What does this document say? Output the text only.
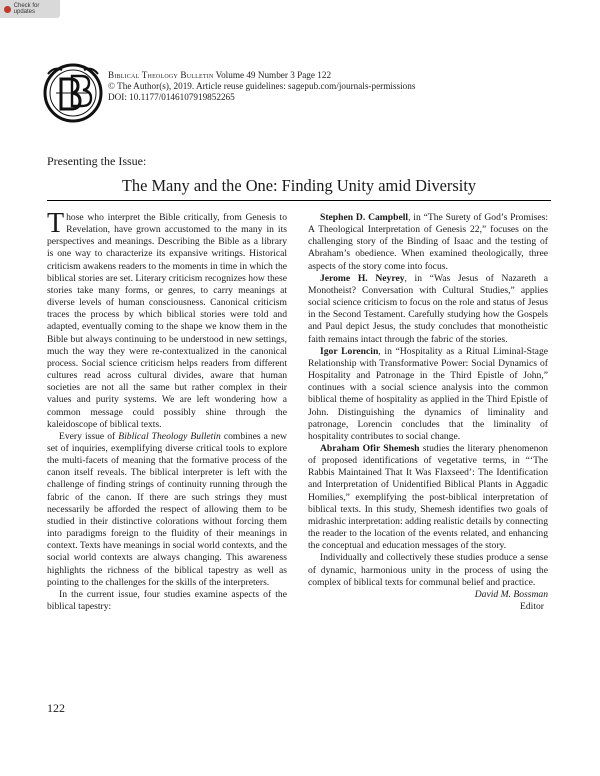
Check for updates
Biblical Theology Bulletin Volume 49 Number 3 Page 122
© The Author(s), 2019. Article reuse guidelines: sagepub.com/journals-permissions
DOI: 10.1177/0146107919852265
Presenting the Issue:
The Many and the One: Finding Unity amid Diversity

Those who interpret the Bible critically, from Genesis to Revelation, have grown accustomed to the many in its perspectives and meanings. Describing the Bible as a library is one way to characterize its expansive writings. Historical criticism awakens readers to the moments in time in which the biblical stories are set. Literary criticism recognizes how these stories take many forms, or genres, to carry meanings at diverse levels of human consciousness. Canonical criticism traces the process by which biblical stories were told and adapted, eventually coming to the shape we know them in the Bible but always continuing to be understood in new settings, much the way they were re-contextualized in the canonical process. Social science criticism helps readers from different cultures read across cultural divides, aware that human societies are not all the same but rather complex in their values and purity systems. We are left wondering how a common message could possibly shine through the kaleidoscope of biblical texts.

Every issue of Biblical Theology Bulletin combines a new set of inquiries, exemplifying diverse critical tools to explore the multi-facets of meaning that the formative process of the canon itself reveals. The biblical interpreter is left with the challenge of finding strings of continuity running through the fabric of the canon. If there are such strings they must necessarily be afforded the respect of allowing them to be studied in their distinctive colorations without forcing them into paradigms foreign to the fluidity of their meanings in context. Texts have meanings in social world contexts, and the social world contexts are always changing. This awareness highlights the richness of the biblical tapestry as well as pointing to the challenges for the skills of the interpreters.

In the current issue, four studies examine aspects of the biblical tapestry:

Stephen D. Campbell, in “The Surety of God’s Promises: A Theological Interpretation of Genesis 22,” focuses on the challenging story of the Binding of Isaac and the testing of Abraham’s obedience. When examined theologically, three aspects of the story come into focus.

Jerome H. Neyrey, in “Was Jesus of Nazareth a Monotheist? Conversation with Cultural Studies,” applies social science criticism to focus on the role and status of Jesus in the Second Testament. Carefully studying how the Gospels and Paul depict Jesus, the study concludes that monotheistic faith remains intact through the fabric of the stories.

Igor Lorencin, in “Hospitality as a Ritual Liminal-Stage Relationship with Transformative Power: Social Dynamics of Hospitality and Patronage in the Third Epistle of John,” continues with a social science analysis into the common biblical theme of hospitality as applied in the Third Epistle of John. Distinguishing the dynamics of liminality and patronage, Lorencin concludes that the liminality of hospitality contributes to social change.

Abraham Ofir Shemesh studies the literary phenomenon of proposed identifications of vegetative terms, in “‘The Rabbis Maintained That It Was Flaxseed’: The Identification and Interpretation of Unidentified Biblical Plants in Aggadic Homilies,” exemplifying the post-biblical interpretation of biblical texts. In this study, Shemesh identifies two goals of midrashic interpretation: adding realistic details by connecting the reader to the location of the events related, and enhancing the conceptual and education messages of the story.

Individually and collectively these studies produce a sense of dynamic, harmonious unity in the process of using the complex of biblical texts for communal belief and practice.

David M. Bossman
Editor
122
